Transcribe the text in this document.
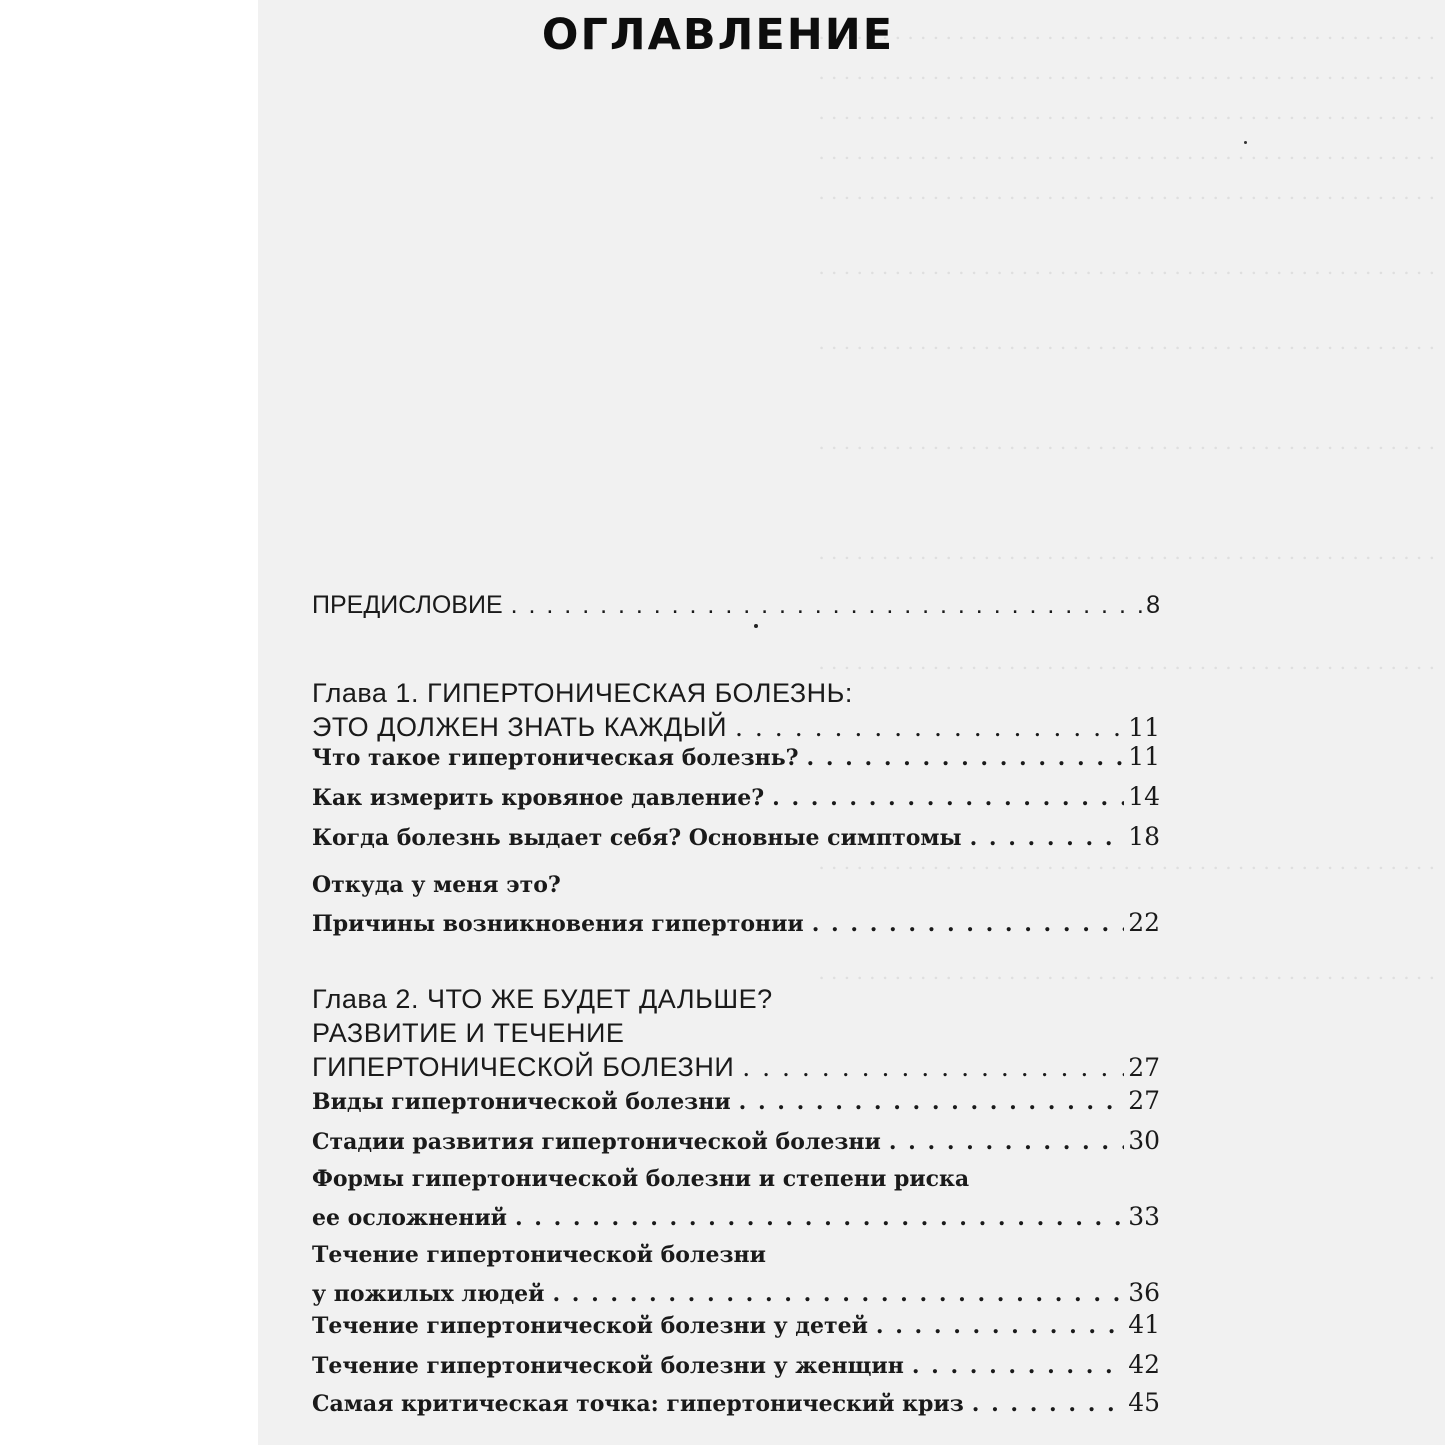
. . . . . . . . . . . . . . . . . . . . . . . . . . . . . . . . . . . . . . . . . . . . . . . . .
. . . . . . . . . . . . . . . . . . . . . . . . . . . . . . . . . . . . . . . . . . . . . . . . .
. . . . . . . . . . . . . . . . . . . . . . . . . . . . . . . . . . . . . . . . . . . . . . . . .
. . . . . . . . . . . . . . . . . . . . . . . . . . . . . . . . . . . . . . . . . . . . . . . . .
. . . . . . . . . . . . . . . . . . . . . . . . . . . . . . . . . . . . . . . . . . . . . . . . .
. . . . . . . . . . . . . . . . . . . . . . . . . . . . . . . . . . . . . . . . . . . . . . . . .
. . . . . . . . . . . . . . . . . . . . . . . . . . . . . . . . . . . . . . . . . . . . . . . . .
. . . . . . . . . . . . . . . . . . . . . . . . . . . . . . . . . . . . . . . . . . . . . . . . .
. . . . . . . . . . . . . . . . . . . . . . . . . . . . . . . . . . . . . . . . . . . . . . . . .
. . . . . . . . . . . . . . . . . . . . . . . . . . . . . . . . . . . . . . . . . . . . . . . . .
. . . . . . . . . . . . . . . . . . . . . . . . . . . . . . . . . . . . . . . . . . . . . . . . .
. . . . . . . . . . . . . . . . . . . . . . . . . . . . . . . . . . . . . . . . . . . . . . . . .
ОГЛАВЛЕНИЕ
ПРЕДИСЛОВИЕ . . .	8
Глава 1. ГИПЕРТОНИЧЕСКАЯ БОЛЕЗНЬ:
ЭТО ДОЛЖЕН ЗНАТЬ КАЖДЫЙ . . .	11
Что такое гипертоническая болезнь? . . .	11
Как измерить кровяное давление? . . .	14
Когда болезнь выдает себя? Основные симптомы . . .	18
Откуда у меня это?
Причины возникновения гипертонии . . .	22
Глава 2. ЧТО ЖЕ БУДЕТ ДАЛЬШЕ?
РАЗВИТИЕ И ТЕЧЕНИЕ
ГИПЕРТОНИЧЕСКОЙ БОЛЕЗНИ . . .	27
Виды гипертонической болезни . . .	27
Стадии развития гипертонической болезни . . .	30
Формы гипертонической болезни и степени риска
ее осложнений . . .	33
Течение гипертонической болезни
у пожилых людей . . .	36
Течение гипертонической болезни у детей . . .	41
Течение гипертонической болезни у женщин . . .	42
Самая критическая точка: гипертонический криз . . .	45
